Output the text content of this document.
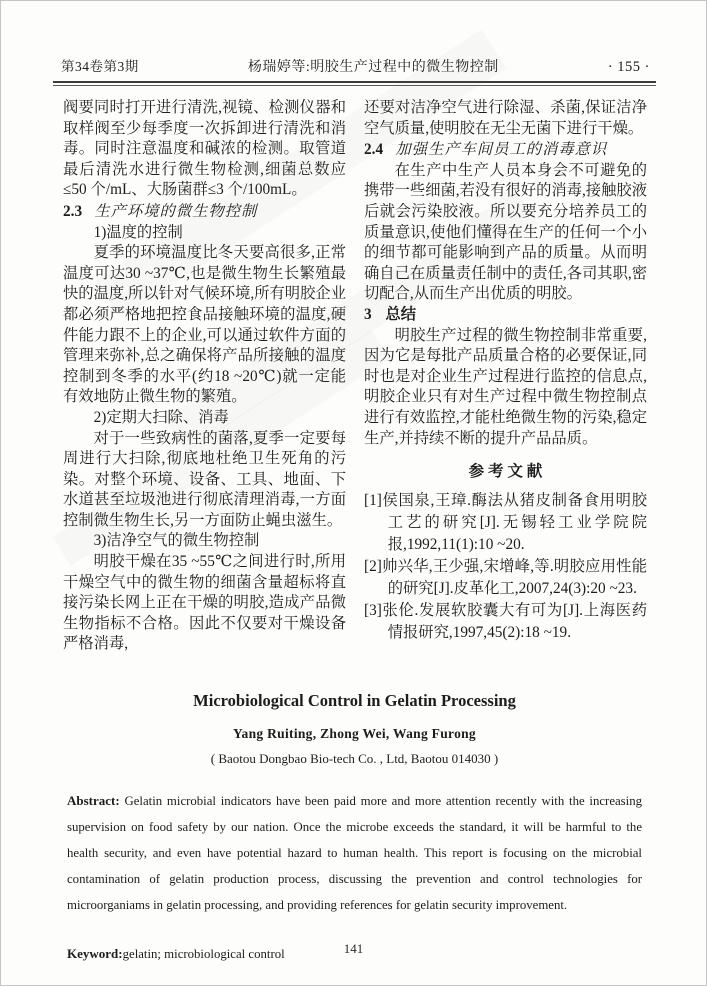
第34卷第3期	杨瑞婷等:明胶生产过程中的微生物控制	· 155 ·

阀要同时打开进行清洗,视镜、检测仪器和取样阀至少每季度一次拆卸进行清洗和消毒。同时注意温度和碱浓的检测。取管道最后清洗水进行微生物检测,细菌总数应≤50 个/mL、大肠菌群≤3 个/100mL。

2.3 生产环境的微生物控制

1)温度的控制

夏季的环境温度比冬天要高很多,正常温度可达30 ~37℃,也是微生物生长繁殖最快的温度,所以针对气候环境,所有明胶企业都必须严格地把控食品接触环境的温度,硬件能力跟不上的企业,可以通过软件方面的管理来弥补,总之确保将产品所接触的温度控制到冬季的水平(约18 ~20℃)就一定能有效地防止微生物的繁殖。

2)定期大扫除、消毒

对于一些致病性的菌落,夏季一定要每周进行大扫除,彻底地杜绝卫生死角的污染。对整个环境、设备、工具、地面、下水道甚至垃圾池进行彻底清理消毒,一方面控制微生物生长,另一方面防止蝇虫滋生。

3)洁净空气的微生物控制

明胶干燥在35 ~55℃之间进行时,所用干燥空气中的微生物的细菌含量超标将直接污染长网上正在干燥的明胶,造成产品微生物指标不合格。因此不仅要对干燥设备严格消毒,

还要对洁净空气进行除湿、杀菌,保证洁净空气质量,使明胶在无尘无菌下进行干燥。

2.4 加强生产车间员工的消毒意识

在生产中生产人员本身会不可避免的携带一些细菌,若没有很好的消毒,接触胶液后就会污染胶液。所以要充分培养员工的质量意识,使他们懂得在生产的任何一个小的细节都可能影响到产品的质量。从而明确自己在质量责任制中的责任,各司其职,密切配合,从而生产出优质的明胶。

3 总结

明胶生产过程的微生物控制非常重要,因为它是每批产品质量合格的必要保证,同时也是对企业生产过程进行监控的信息点,明胶企业只有对生产过程中微生物控制点进行有效监控,才能杜绝微生物的污染,稳定生产,并持续不断的提升产品品质。

参 考 文 献

[1]侯国泉,王璋.酶法从猪皮制备食用明胶工艺的研究[J].无锡轻工业学院院报,1992,11(1):10 ~20.

[2]帅兴华,王少强,宋增峰,等.明胶应用性能的研究[J].皮革化工,2007,24(3):20 ~23.

[3]张伦.发展软胶囊大有可为[J].上海医药情报研究,1997,45(2):18 ~19.

Microbiological Control in Gelatin Processing
Yang Ruiting, Zhong Wei, Wang Furong
( Baotou Dongbao Bio-tech Co. , Ltd, Baotou 014030 )

Abstract: Gelatin microbial indicators have been paid more and more attention recently with the increasing supervision on food safety by our nation. Once the microbe exceeds the standard, it will be harmful to the health security, and even have potential hazard to human health. This report is focusing on the microbial contamination of gelatin production process, discussing the prevention and control technologies for microorganiams in gelatin processing, and providing references for gelatin security improvement.

Keyword:gelatin; microbiological control	141
